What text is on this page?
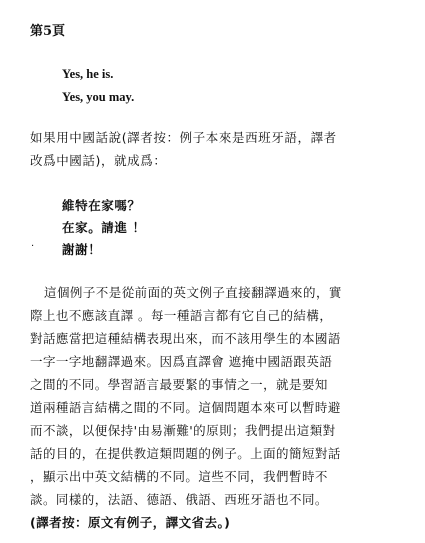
第5頁
Yes, he is.
Yes, you may.
如果用中國話說(譯者按：例子本來是西班牙語，譯者
改爲中國話)，就成爲：
維特在家嗎？
在家。請進 ！
· 謝謝！
這個例子不是從前面的英文例子直接翻譯過來的，實
際上也不應該直譯 。每一種語言都有它自己的結構，
對話應當把這種結構表現出來，而不該用學生的本國語
一字一字地翻譯過來。因爲直譯會 遮掩中國語跟英語
之間的不同。學習語言最要緊的事情之一，就是要知
道兩種語言結構之間的不同。這個問題本來可以暫時避
而不談，以便保持'由易漸難'的原則；我們提出這類對
話的目的，在提供教這類問題的例子。上面的簡短對話
，顯示出中英文結構的不同。這些不同，我們暫時不
談。同樣的，法語、德語、俄語、西班牙語也不同。
(譯者按：原文有例子，譯文省去。)
